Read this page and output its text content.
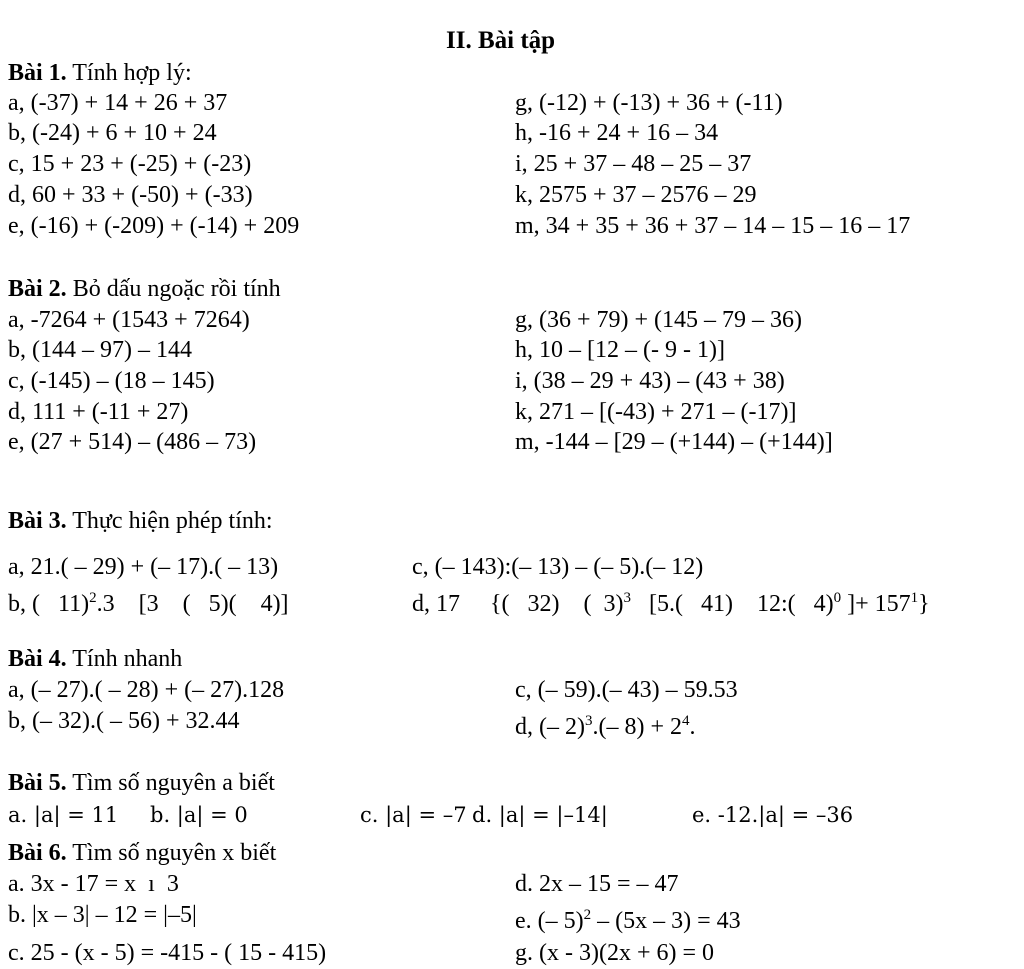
II. Bài tập
Bài 1. Tính hợp lý:
a, (-37) + 14 + 26 + 37
b, (-24) + 6 + 10 + 24
c, 15 + 23 + (-25) + (-23)
d, 60 + 33 + (-50) + (-33)
e, (-16) + (-209) + (-14) + 209
g, (-12) + (-13) + 36 + (-11)
h, -16 + 24 + 16 – 34
i, 25 + 37 – 48 – 25 – 37
k, 2575 + 37 – 2576 – 29
m, 34 + 35 + 36 + 37 – 14 – 15 – 16 – 17
Bài 2. Bỏ dấu ngoặc rồi tính
a, -7264 + (1543 + 7264)
b, (144 – 97) – 144
c, (-145) – (18 – 145)
d, 111 + (-11 + 27)
e, (27 + 514) – (486 – 73)
g, (36 + 79) + (145 – 79 – 36)
h, 10 – [12 – (- 9 - 1)]
i, (38 – 29 + 43) – (43 + 38)
k, 271 – [(-43) + 271 – (-17)]
m, -144 – [29 – (+144) – (+144)]
Bài 3. Thực hiện phép tính:
a, 21.( – 29) + (– 17).( – 13)	c, (– 143):(– 13) – (– 5).(– 12)
b, (   11)$^2$.3    [3    (   5)(    4)]	d, 17     {(   32)    (  3)$^3$   [5.(   41)    12:(   4)$^0$ ]+ $157^1$}
Bài 4. Tính nhanh
a, (– 27).( – 28) + (– 27).128
b, (– 32).( – 56) + 32.44
c, (– 59).(– 43) – 59.53
d, (– 2)$^3$.(– $8) + 2^4$.
Bài 5. Tìm số nguyên a biết
a. |a| = 11 b. |a| = 0	c. |a| = –7 d. |a| = |–14|	e. -12.|a| = –36
Bài 6. Tìm số nguyên x biết
a. 3x - 17 = x  ı  3
b. |x – 3| – 12 = |–5|
c. 25 - (x - 5) = -415 - ( 15 - 415)
d. 2x – 15 = – 47
e. (– 5)$^2$ – (5x – 3) = 43
g. (x - 3)(2x + 6) = 0
